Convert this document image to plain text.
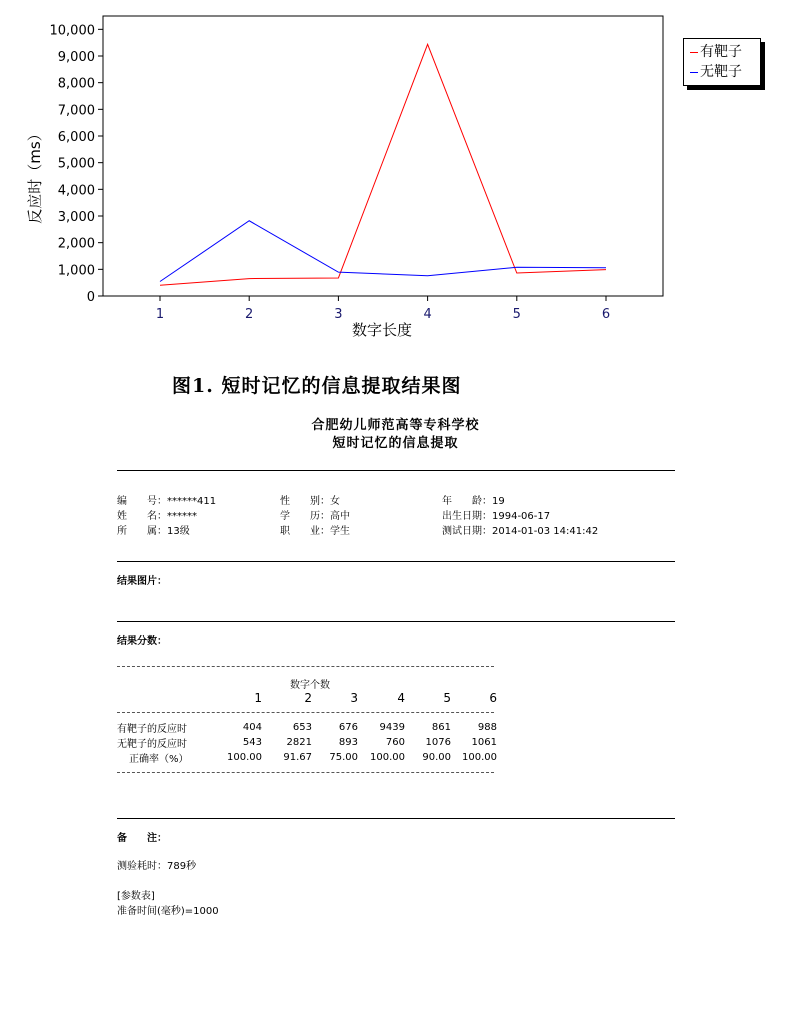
0
1,000
2,000
3,000
4,000
5,000
6,000
7,000
8,000
9,000
10,000
1	2	3	4	5	6
数字长度
反应时（ms）
有靶子
无靶子
图1. 短时记忆的信息提取结果图
合肥幼儿师范高等专科学校
短时记忆的信息提取
编　　号：******411	性　　别：女	年　　龄：19
姓　　名：******	学　　历：高中	出生日期：1994-06-17
所　　属：13级	职　　业：学生	测试日期：2014-01-03 14:41:42
结果图片：
结果分数：
数字个数
	1	2	3	4	5	6

有靶子的反应时	404	653	676	9439	861	988
无靶子的反应时	543	2821	893	760	1076	1061
正确率（%）	100.00	91.67	75.00	100.00	90.00	100.00
备　　注：
测验耗时：789秒
[参数表]
准备时间(毫秒)=1000
